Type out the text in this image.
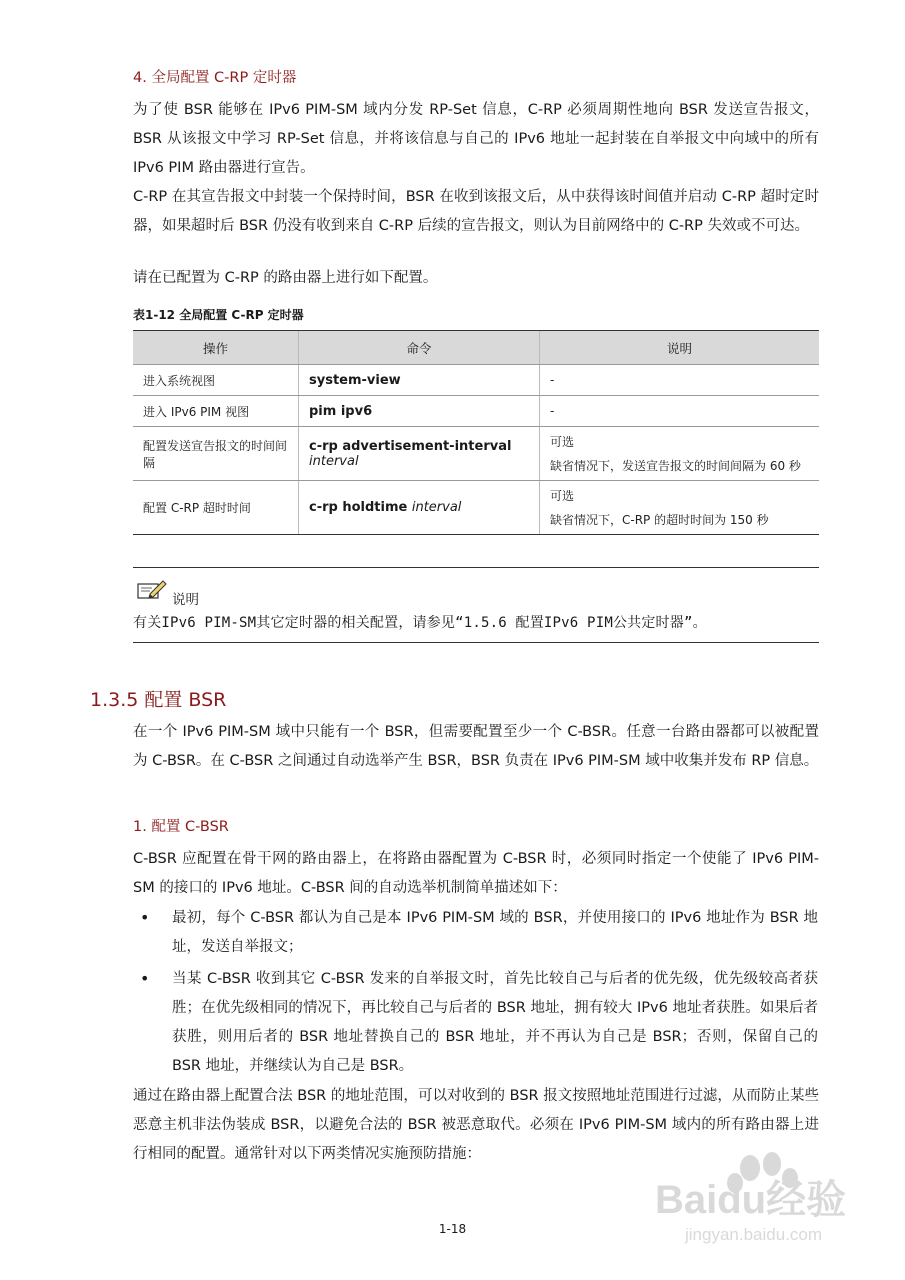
4. 全局配置 C-RP 定时器
为了使 BSR 能够在 IPv6 PIM-SM 域内分发 RP-Set 信息，C-RP 必须周期性地向 BSR 发送宣告报文，BSR 从该报文中学习 RP-Set 信息，并将该信息与自己的 IPv6 地址一起封装在自举报文中向域中的所有 IPv6 PIM 路由器进行宣告。
C-RP 在其宣告报文中封装一个保持时间，BSR 在收到该报文后，从中获得该时间值并启动 C-RP 超时定时器，如果超时后 BSR 仍没有收到来自 C-RP 后续的宣告报文，则认为目前网络中的 C-RP 失效或不可达。
请在已配置为 C-RP 的路由器上进行如下配置。
表1-12 全局配置 C-RP 定时器
操作	命令	说明
进入系统视图	system-view	-
进入 IPv6 PIM 视图	pim ipv6	-
配置发送宣告报文的时间间隔	c-rp advertisement-interval interval	可选
缺省情况下，发送宣告报文的时间间隔为 60 秒

配置 C-RP 超时时间	c-rp holdtime interval	可选
缺省情况下，C-RP 的超时时间为 150 秒
说明
有关IPv6 PIM-SM其它定时器的相关配置，请参见“1.5.6 配置IPv6 PIM公共定时器”。
1.3.5 配置 BSR
在一个 IPv6 PIM-SM 域中只能有一个 BSR，但需要配置至少一个 C-BSR。任意一台路由器都可以被配置为 C-BSR。在 C-BSR 之间通过自动选举产生 BSR，BSR 负责在 IPv6 PIM-SM 域中收集并发布 RP 信息。
1. 配置 C-BSR
C-BSR 应配置在骨干网的路由器上，在将路由器配置为 C-BSR 时，必须同时指定一个使能了 IPv6 PIM-SM 的接口的 IPv6 地址。C-BSR 间的自动选举机制简单描述如下：
• 最初，每个 C-BSR 都认为自己是本 IPv6 PIM-SM 域的 BSR，并使用接口的 IPv6 地址作为 BSR 地址，发送自举报文；
• 当某 C-BSR 收到其它 C-BSR 发来的自举报文时，首先比较自己与后者的优先级，优先级较高者获胜；在优先级相同的情况下，再比较自己与后者的 BSR 地址，拥有较大 IPv6 地址者获胜。如果后者获胜，则用后者的 BSR 地址替换自己的 BSR 地址，并不再认为自己是 BSR；否则，保留自己的 BSR 地址，并继续认为自己是 BSR。
通过在路由器上配置合法 BSR 的地址范围，可以对收到的 BSR 报文按照地址范围进行过滤，从而防止某些恶意主机非法伪装成 BSR，以避免合法的 BSR 被恶意取代。必须在 IPv6 PIM-SM 域内的所有路由器上进行相同的配置。通常针对以下两类情况实施预防措施：
1-18
Baidu经验
jingyan.baidu.com
